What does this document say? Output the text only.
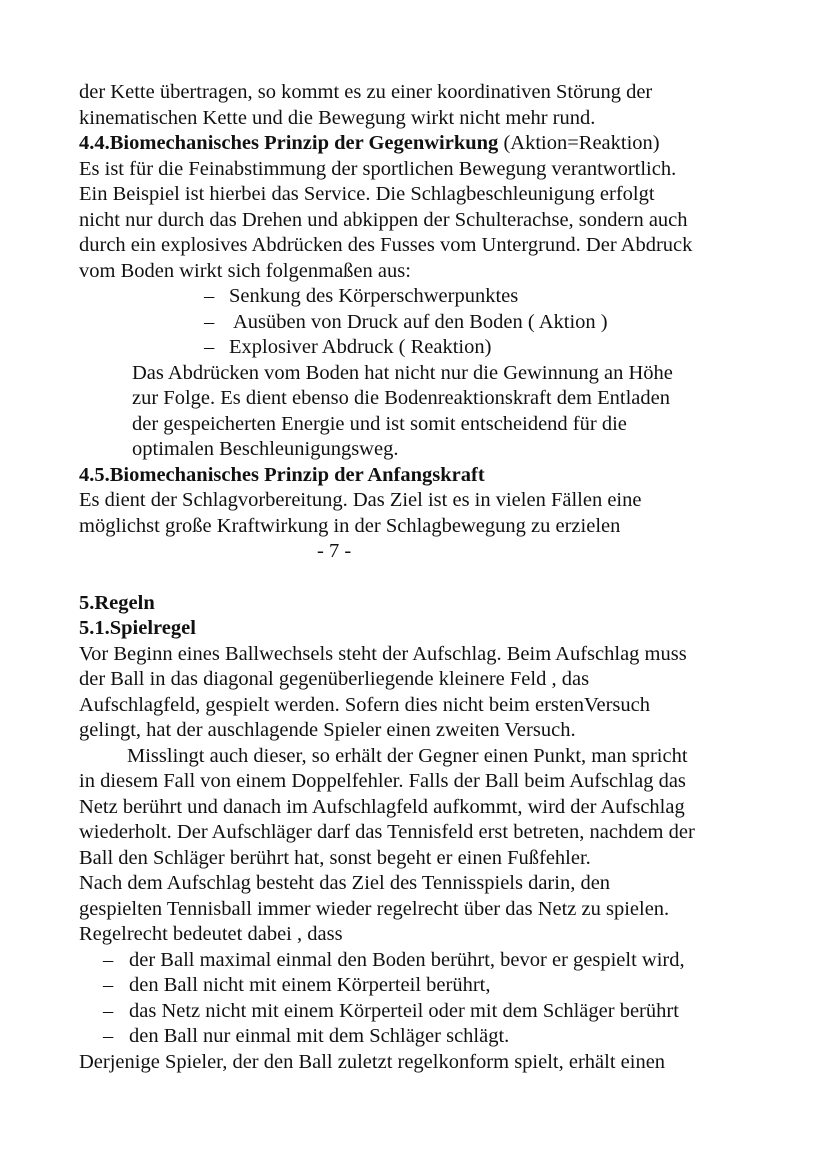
der Kette übertragen, so kommt es zu einer koordinativen Störung der
kinematischen Kette und die Bewegung wirkt nicht mehr rund.

4.4.Biomechanisches Prinzip der Gegenwirkung (Aktion=Reaktion)

Es ist für die Feinabstimmung der sportlichen Bewegung verantwortlich.
Ein Beispiel ist hierbei das Service. Die Schlagbeschleunigung erfolgt
nicht nur durch das Drehen und abkippen der Schulterachse, sondern auch
durch ein explosives Abdrücken des Fusses vom Untergrund. Der Abdruck
vom Boden wirkt sich folgenmaßen aus:

– Senkung des Körperschwerpunktes
– Ausüben von Druck auf den Boden ( Aktion )
– Explosiver Abdruck ( Reaktion)

Das Abdrücken vom Boden hat nicht nur die Gewinnung an Höhe
zur Folge. Es dient ebenso die Bodenreaktionskraft dem Entladen
der gespeicherten Energie und ist somit entscheidend für die
optimalen Beschleunigungsweg.

4.5.Biomechanisches Prinzip der Anfangskraft

Es dient der Schlagvorbereitung. Das Ziel ist es in vielen Fällen eine
möglichst große Kraftwirkung in der Schlagbewegung zu erzielen

- 7 -

5.Regeln

5.1.Spielregel

Vor Beginn eines Ballwechsels steht der Aufschlag. Beim Aufschlag muss
der Ball in das diagonal gegenüberliegende kleinere Feld , das
Aufschlagfeld, gespielt werden. Sofern dies nicht beim erstenVersuch
gelingt, hat der auschlagende Spieler einen zweiten Versuch.

Misslingt auch dieser, so erhält der Gegner einen Punkt, man spricht
in diesem Fall von einem Doppelfehler. Falls der Ball beim Aufschlag das
Netz berührt und danach im Aufschlagfeld aufkommt, wird der Aufschlag
wiederholt. Der Aufschläger darf das Tennisfeld erst betreten, nachdem der
Ball den Schläger berührt hat, sonst begeht er einen Fußfehler.
Nach dem Aufschlag besteht das Ziel des Tennisspiels darin, den
gespielten Tennisball immer wieder regelrecht über das Netz zu spielen.
Regelrecht bedeutet dabei , dass

– der Ball maximal einmal den Boden berührt, bevor er gespielt wird,
– den Ball nicht mit einem Körperteil berührt,
– das Netz nicht mit einem Körperteil oder mit dem Schläger berührt
– den Ball nur einmal mit dem Schläger schlägt.

Derjenige Spieler, der den Ball zuletzt regelkonform spielt, erhält einen
